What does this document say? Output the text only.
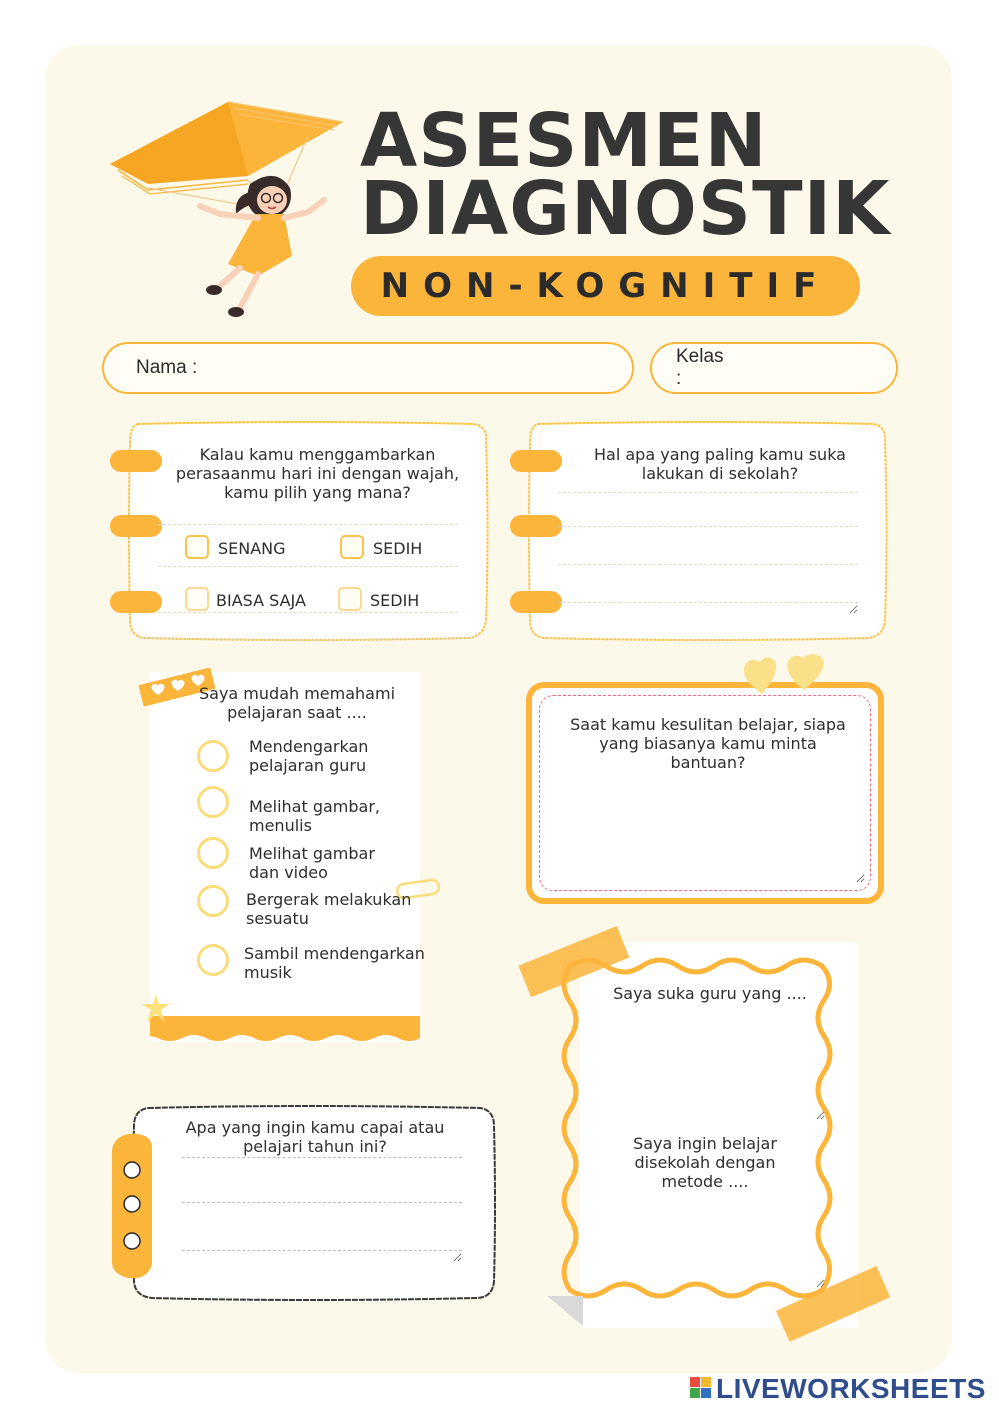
ASESMEN
DIAGNOSTIK
NON-KOGNITIF
Nama :
Kelas :
Kalau kamu menggambarkan perasaanmu hari ini dengan wajah, kamu pilih yang mana?
SENANG	SEDIH
BIASA SAJA	SEDIH
Hal apa yang paling kamu suka lakukan di sekolah?
Saya mudah memahami pelajaran saat ....
Mendengarkan pelajaran guru
Melihat gambar, menulis
Melihat gambar dan video
Bergerak melakukan sesuatu
Sambil mendengarkan musik
Saat kamu kesulitan belajar, siapa yang biasanya kamu minta bantuan?
Saya suka guru yang ....
Saya ingin belajar disekolah dengan metode ....
Apa yang ingin kamu capai atau pelajari tahun ini?
LIVEWORKSHEETS
